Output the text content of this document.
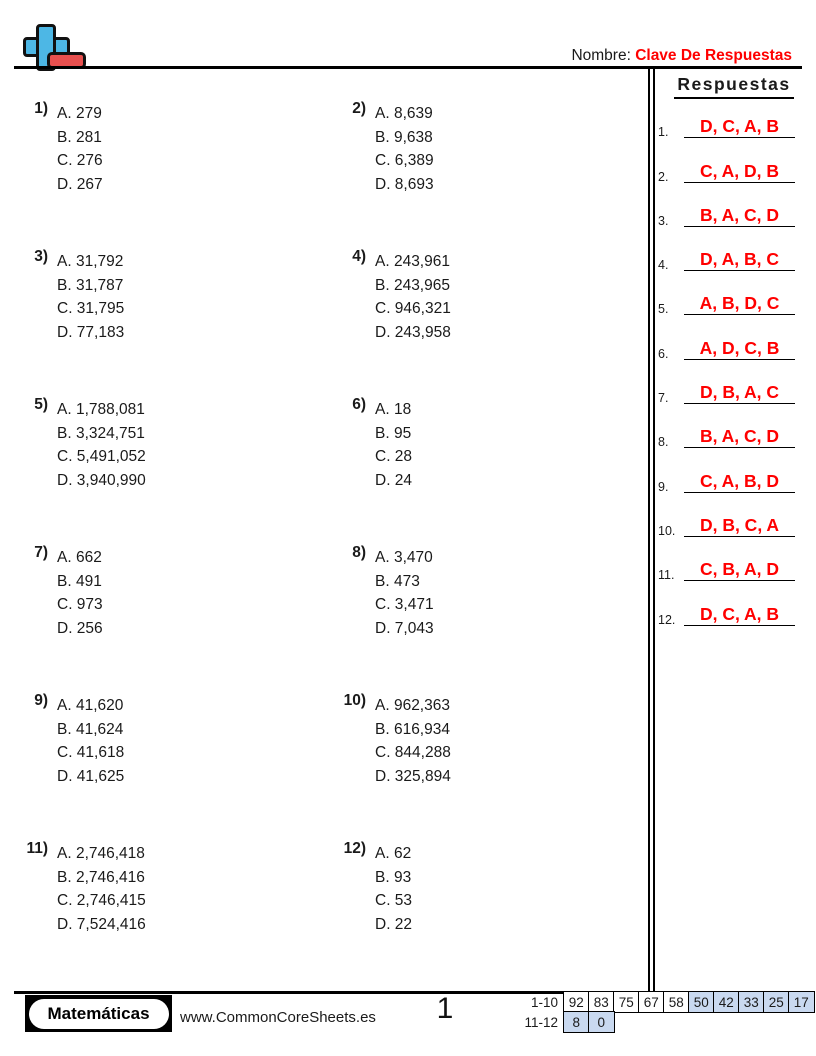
Nombre: Clave De Respuestas
1) A. 279
B. 281
C. 276
D. 267
2) A. 8,639
B. 9,638
C. 6,389
D. 8,693
3) A. 31,792
B. 31,787
C. 31,795
D. 77,183
4) A. 243,961
B. 243,965
C. 946,321
D. 243,958
5) A. 1,788,081
B. 3,324,751
C. 5,491,052
D. 3,940,990
6) A. 18
B. 95
C. 28
D. 24
7) A. 662
B. 491
C. 973
D. 256
8) A. 3,470
B. 473
C. 3,471
D. 7,043
9) A. 41,620
B. 41,624
C. 41,618
D. 41,625
10) A. 962,363
B. 616,934
C. 844,288
D. 325,894
11) A. 2,746,418
B. 2,746,416
C. 2,746,415
D. 7,524,416
12) A. 62
B. 93
C. 53
D. 22
Respuestas
1.	D, C, A, B
2.	C, A, D, B
3.	B, A, C, D
4.	D, A, B, C
5.	A, B, D, C
6.	A, D, C, B
7.	D, B, A, C
8.	B, A, C, D
9.	C, A, B, D
10.	D, B, C, A
11.	C, B, A, D
12.	D, C, A, B
Matemáticas	www.CommonCoreSheets.es	1	1-10 92 83 75 67 58 50 42 33 25 17
11-12	8	0
